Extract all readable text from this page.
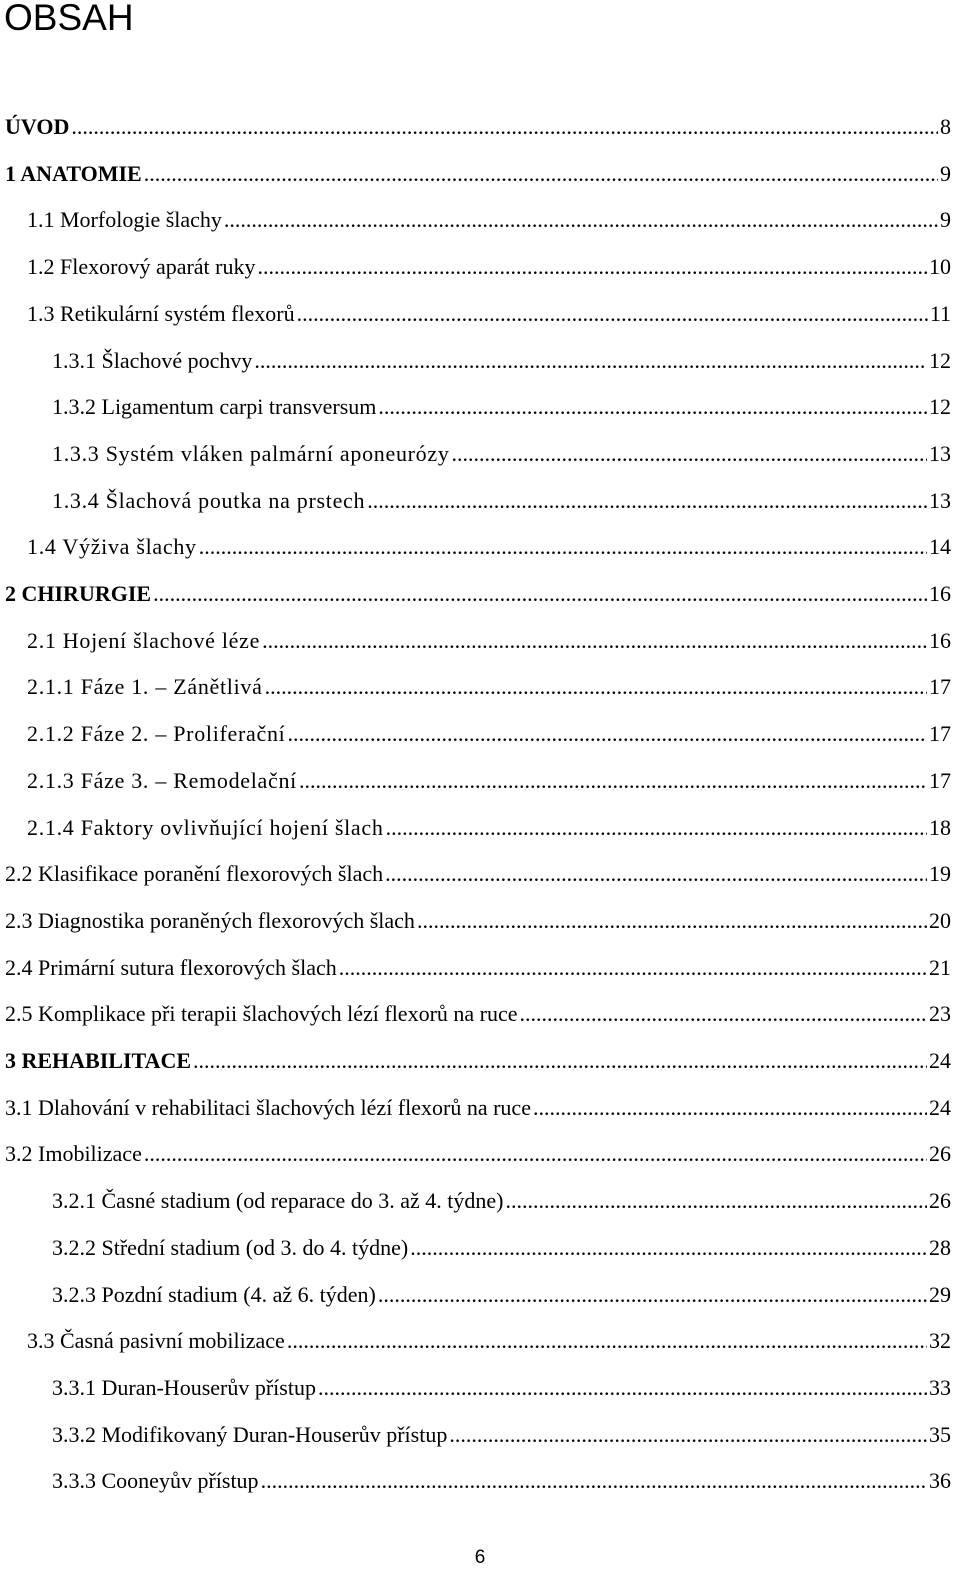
OBSAH
ÚVOD .....	8
1 ANATOMIE .....	9
1.1 Morfologie šlachy .....	9
1.2 Flexorový aparát ruky .....	10
1.3 Retikulární systém flexorů .....	11
1.3.1 Šlachové pochvy .....	12
1.3.2 Ligamentum carpi transversum .....	12
1.3.3 Systém vláken palmární aponeurózy .....	13
1.3.4 Šlachová poutka na prstech .....	13
1.4 Výživa šlachy .....	14
2 CHIRURGIE .....	16
2.1 Hojení šlachové léze .....	16
2.1.1 Fáze 1. – Zánětlivá .....	17
2.1.2 Fáze 2. – Proliferační .....	17
2.1.3 Fáze 3. – Remodelační .....	17
2.1.4 Faktory ovlivňující hojení šlach .....	18
2.2 Klasifikace poranění flexorových šlach .....	19
2.3 Diagnostika poraněných flexorových šlach .....	20
2.4 Primární sutura flexorových šlach .....	21
2.5 Komplikace při terapii šlachových lézí flexorů na ruce .....	23
3 REHABILITACE .....	24
3.1 Dlahování v rehabilitaci šlachových lézí flexorů na ruce .....	24
3.2 Imobilizace .....	26
3.2.1 Časné stadium (od reparace do 3. až 4. týdne) .....	26
3.2.2 Střední stadium (od 3. do 4. týdne) .....	28
3.2.3 Pozdní stadium (4. až 6. týden) .....	29
3.3 Časná pasivní mobilizace .....	32
3.3.1 Duran-Houserův přístup .....	33
3.3.2 Modifikovaný Duran-Houserův přístup .....	35
3.3.3 Cooneyův přístup .....	36
6
